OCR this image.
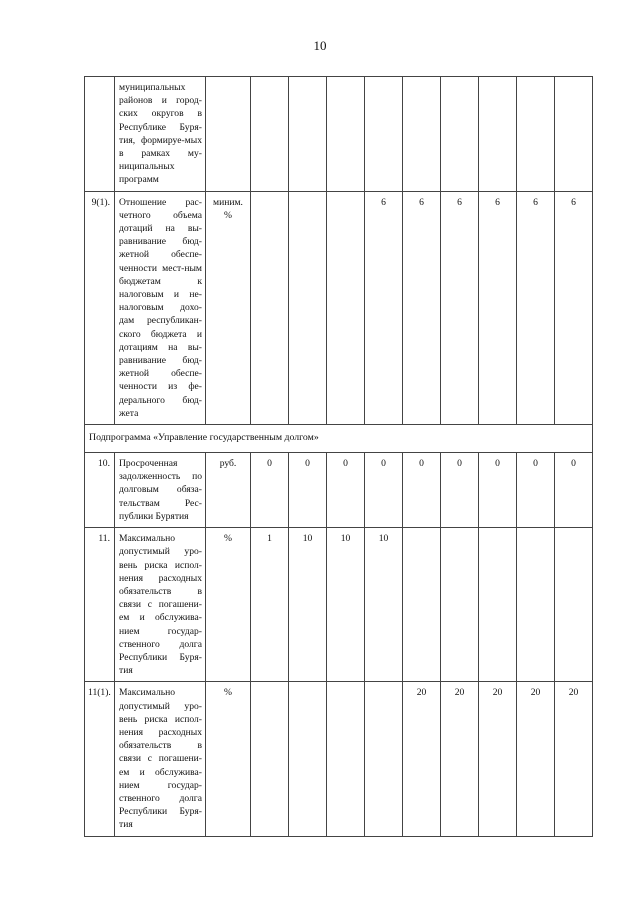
10
	муниципальных районов и город-ских округов в Республике Буря-тия, формируе-мых в рамках му-ниципальных программ										
9(1).	Отношение рас-четного объема дотаций на вы-равнивание бюд-жетной обеспе-ченности мест-ным бюджетам к налоговым и не-налоговым дохо-дам республикан-ского бюджета и дотациям на вы-равнивание бюд-жетной обеспе-ченности из фе-дерального бюд-жета	миним. %				6	6	6	6	6	6
Подпрограмма «Управление государственным долгом»											
10.	Просроченная задолженность по долговым обяза-тельствам Рес-публики Бурятия	руб.	0	0	0	0	0	0	0	0	0
11.	Максимально допустимый уро-вень риска испол-нения расходных обязательств в связи с погашени-ем и обслужива-нием государ-ственного долга Республики Буря-тия	%	1	10	10	10					
11(1).	Максимально допустимый уро-вень риска испол-нения расходных обязательств в связи с погашени-ем и обслужива-нием государ-ственного долга Республики Буря-тия	%					20	20	20	20	20
